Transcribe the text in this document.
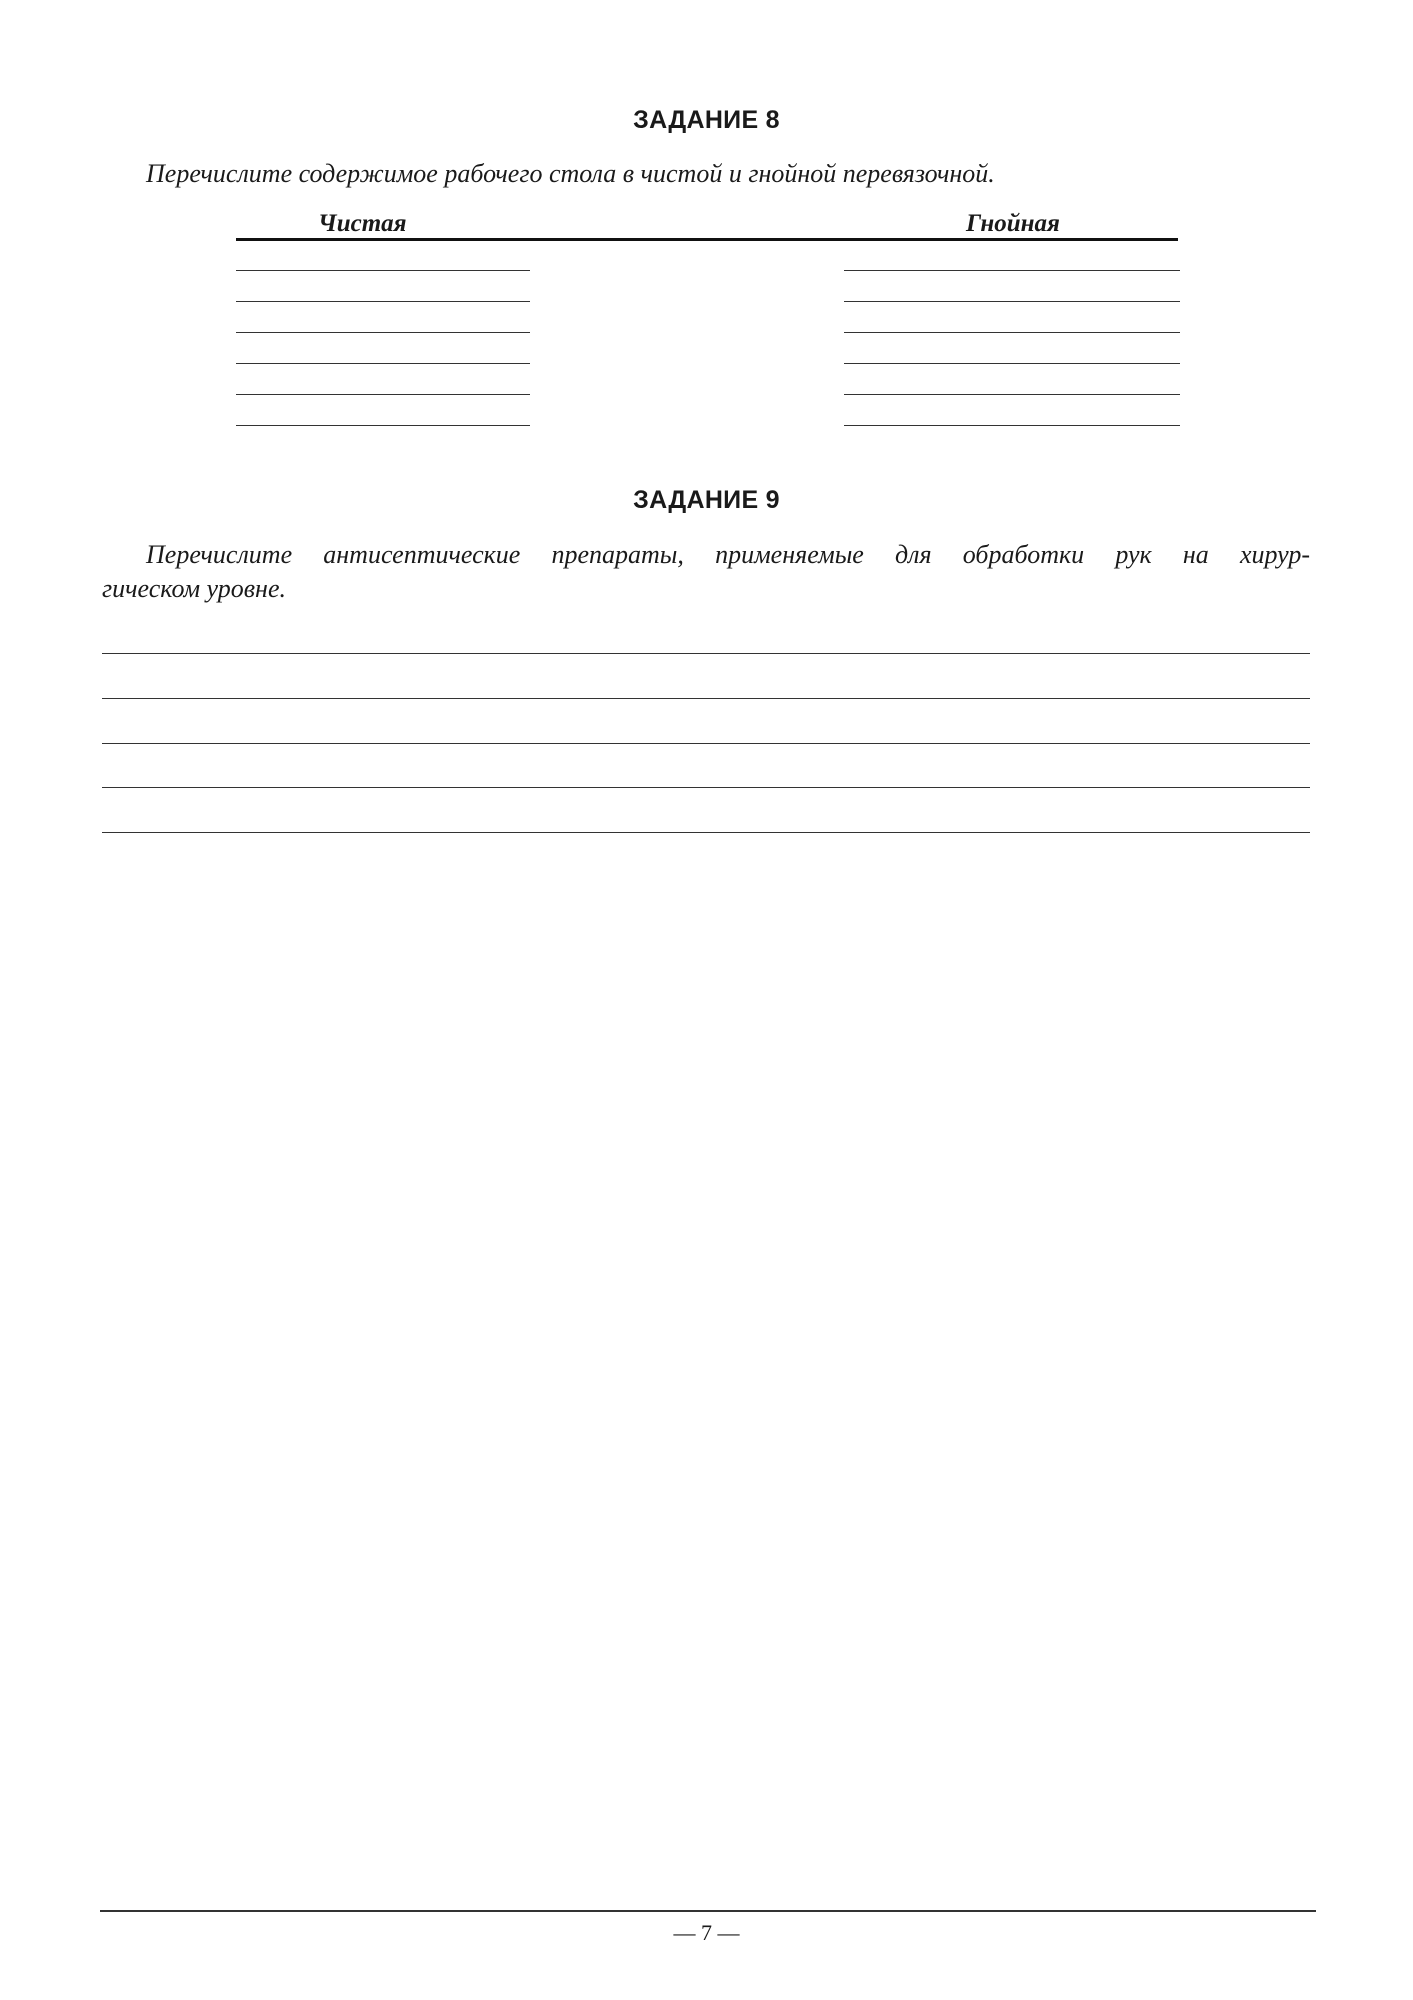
ЗАДАНИЕ 8
Перечислите содержимое рабочего стола в чистой и гнойной перевязочной.
Чистая	Гнойная
ЗАДАНИЕ 9
Перечислите антисептические препараты, применяемые для обработки рук на хирур-
гическом уровне.
— 7 —
